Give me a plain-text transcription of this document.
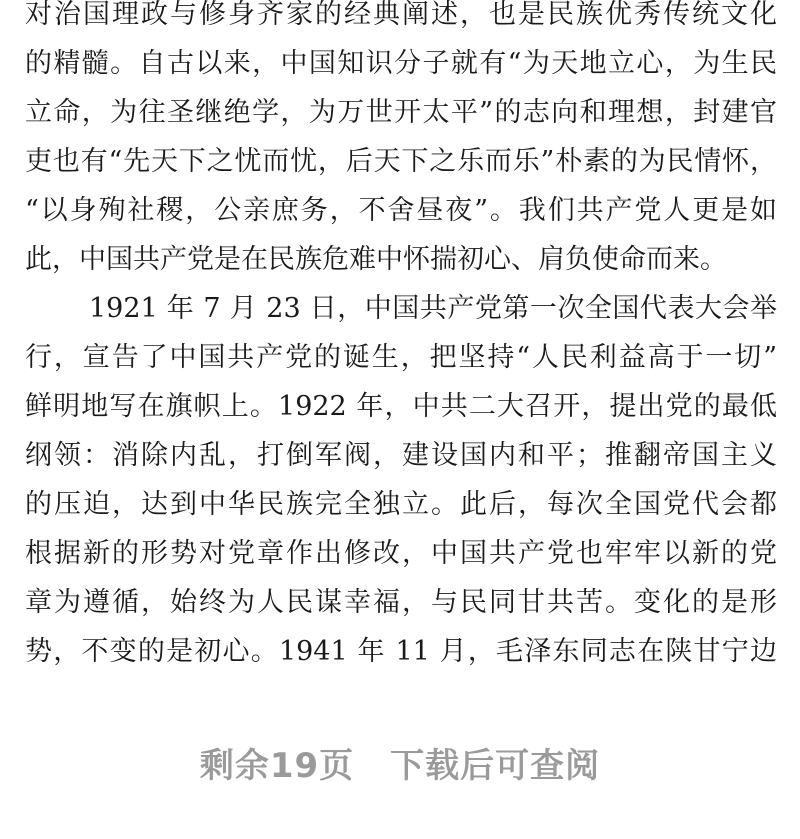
对治国理政与修身齐家的经典阐述，也是民族优秀传统文化
的精髓。自古以来，中国知识分子就有“为天地立心，为生民
立命，为往圣继绝学，为万世开太平”的志向和理想，封建官
吏也有“先天下之忧而忧，后天下之乐而乐”朴素的为民情怀，
“以身殉社稷，公亲庶务，不舍昼夜”。我们共产党人更是如
此，中国共产党是在民族危难中怀揣初心、肩负使命而来。
1921 年 7 月 23 日，中国共产党第一次全国代表大会举
行，宣告了中国共产党的诞生，把坚持“人民利益高于一切”
鲜明地写在旗帜上。1922 年，中共二大召开，提出党的最低
纲领：消除内乱，打倒军阀，建设国内和平；推翻帝国主义
的压迫，达到中华民族完全独立。此后，每次全国党代会都
根据新的形势对党章作出修改，中国共产党也牢牢以新的党
章为遵循，始终为人民谋幸福，与民同甘共苦。变化的是形
势，不变的是初心。1941 年 11 月，毛泽东同志在陕甘宁边
剩余19页 下载后可查阅
